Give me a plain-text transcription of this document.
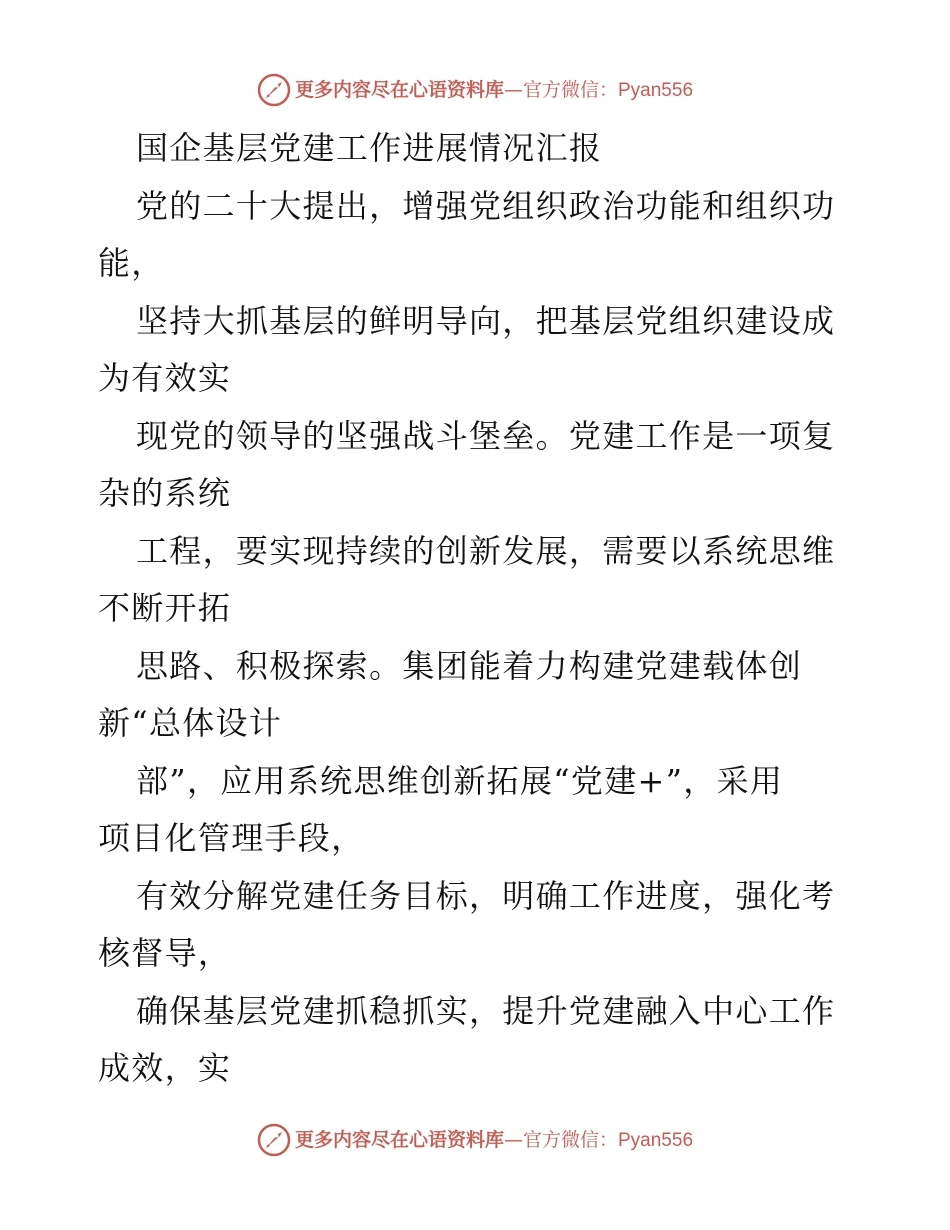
更多内容尽在心语资料库—官方微信：Pyan556
国企基层党建工作进展情况汇报
党的二十大提出，增强党组织政治功能和组织功
能，
坚持大抓基层的鲜明导向，把基层党组织建设成
为有效实
现党的领导的坚强战斗堡垒。党建工作是一项复
杂的系统
工程，要实现持续的创新发展，需要以系统思维
不断开拓
思路、积极探索。集团能着力构建党建载体创
新“总体设计
部”，应用系统思维创新拓展“党建+”，采用
项目化管理手段，
有效分解党建任务目标，明确工作进度，强化考
核督导，
确保基层党建抓稳抓实，提升党建融入中心工作
成效，实
更多内容尽在心语资料库—官方微信：Pyan556
